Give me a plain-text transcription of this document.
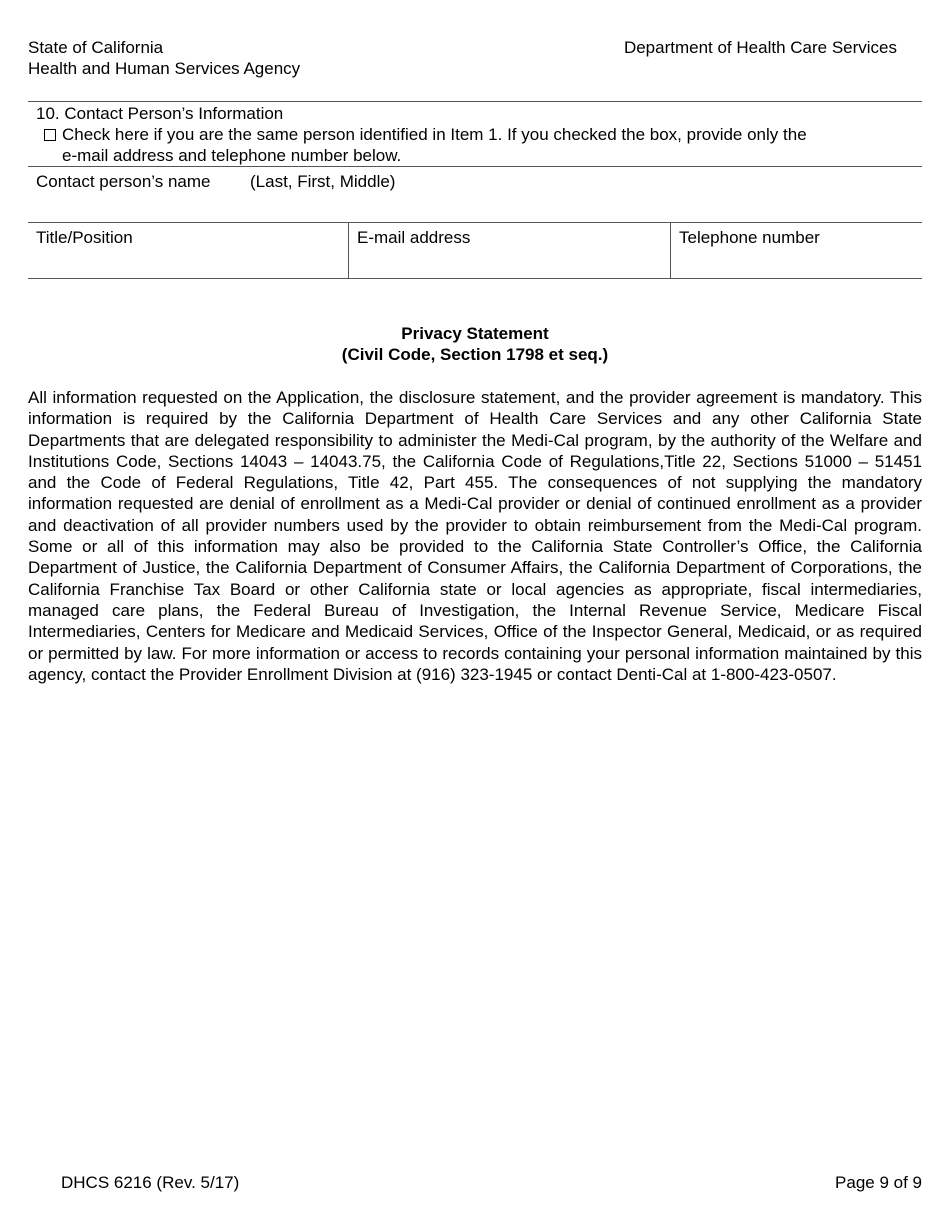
State of California
Health and Human Services Agency
Department of Health Care Services
10. Contact Person’s Information
Check here if you are the same person identified in Item 1. If you checked the box, provide only the
e-mail address and telephone number below.
Contact person’s name (Last, First, Middle)
Title/Position	E-mail address	Telephone number
Privacy Statement
(Civil Code, Section 1798 et seq.)
All information requested on the Application, the disclosure statement, and the provider agreement is mandatory. This information is required by the California Department of Health Care Services and any other California State Departments that are delegated responsibility to administer the Medi-Cal program, by the authority of the Welfare and Institutions Code, Sections 14043 – 14043.75, the California Code of Regulations,Title 22, Sections 51000 – 51451 and the Code of Federal Regulations, Title 42, Part 455. The consequences of not supplying the mandatory information requested are denial of enrollment as a Medi-Cal provider or denial of continued enrollment as a provider and deactivation of all provider numbers used by the provider to obtain reimbursement from the Medi-Cal program. Some or all of this information may also be provided to the California State Controller’s Office, the California Department of Justice, the California Department of Consumer Affairs, the California Department of Corporations, the California Franchise Tax Board or other California state or local agencies as appropriate, fiscal intermediaries, managed care plans, the Federal Bureau of Investigation, the Internal Revenue Service, Medicare Fiscal Intermediaries, Centers for Medicare and Medicaid Services, Office of the Inspector General, Medicaid, or as required or permitted by law. For more information or access to records containing your personal information maintained by this agency, contact the Provider Enrollment Division at (916) 323-1945 or contact Denti-Cal at 1-800-423-0507.
DHCS 6216 (Rev. 5/17)	Page 9 of 9
